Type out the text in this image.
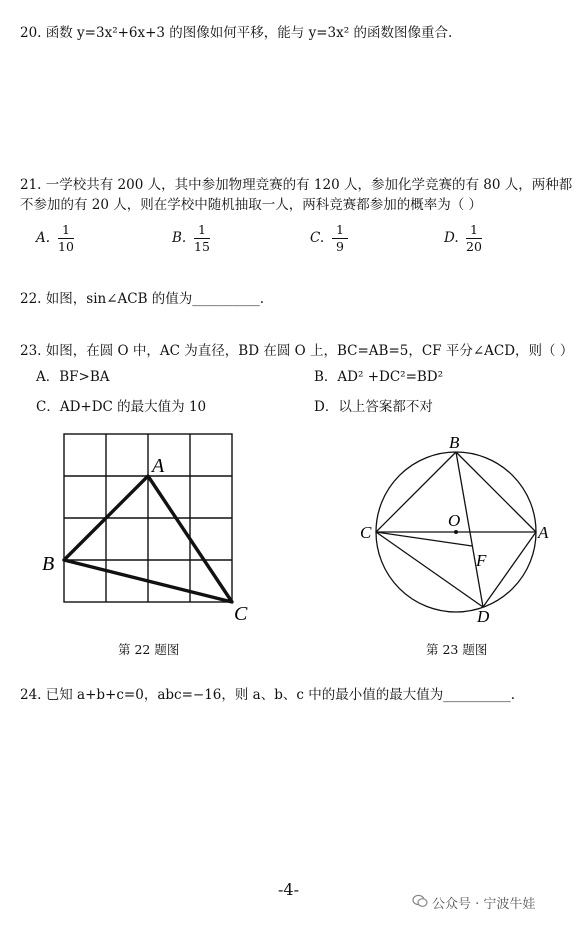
20. 函数 y=3x²+6x+3 的图像如何平移，能与 y=3x² 的函数图像重合.
21. 一学校共有 200 人，其中参加物理竞赛的有 120 人，参加化学竞赛的有 80 人，两种都
不参加的有 20 人，则在学校中随机抽取一人，两科竞赛都参加的概率为（ ）
A. $\frac{1}{10}$	B. $\frac{1}{15}$	C. $\frac{1}{9}$	D. $\frac{1}{20}$
22. 如图，sin∠ACB 的值为__________.
23. 如图，在圆 O 中，AC 为直径，BD 在圆 O 上，BC=AB=5，CF 平分∠ACD，则（ ）
A．BF>BA	B．AD² +DC²=BD²
C．AD+DC 的最大值为 10	D．以上答案都不对
A
B
C
B
C	A
O
F
D
第 22 题图	第 23 题图
24. 已知 a+b+c=0，abc=−16，则 a、b、c 中的最小值的最大值为__________.
-4-
公众号 · 宁波牛娃
